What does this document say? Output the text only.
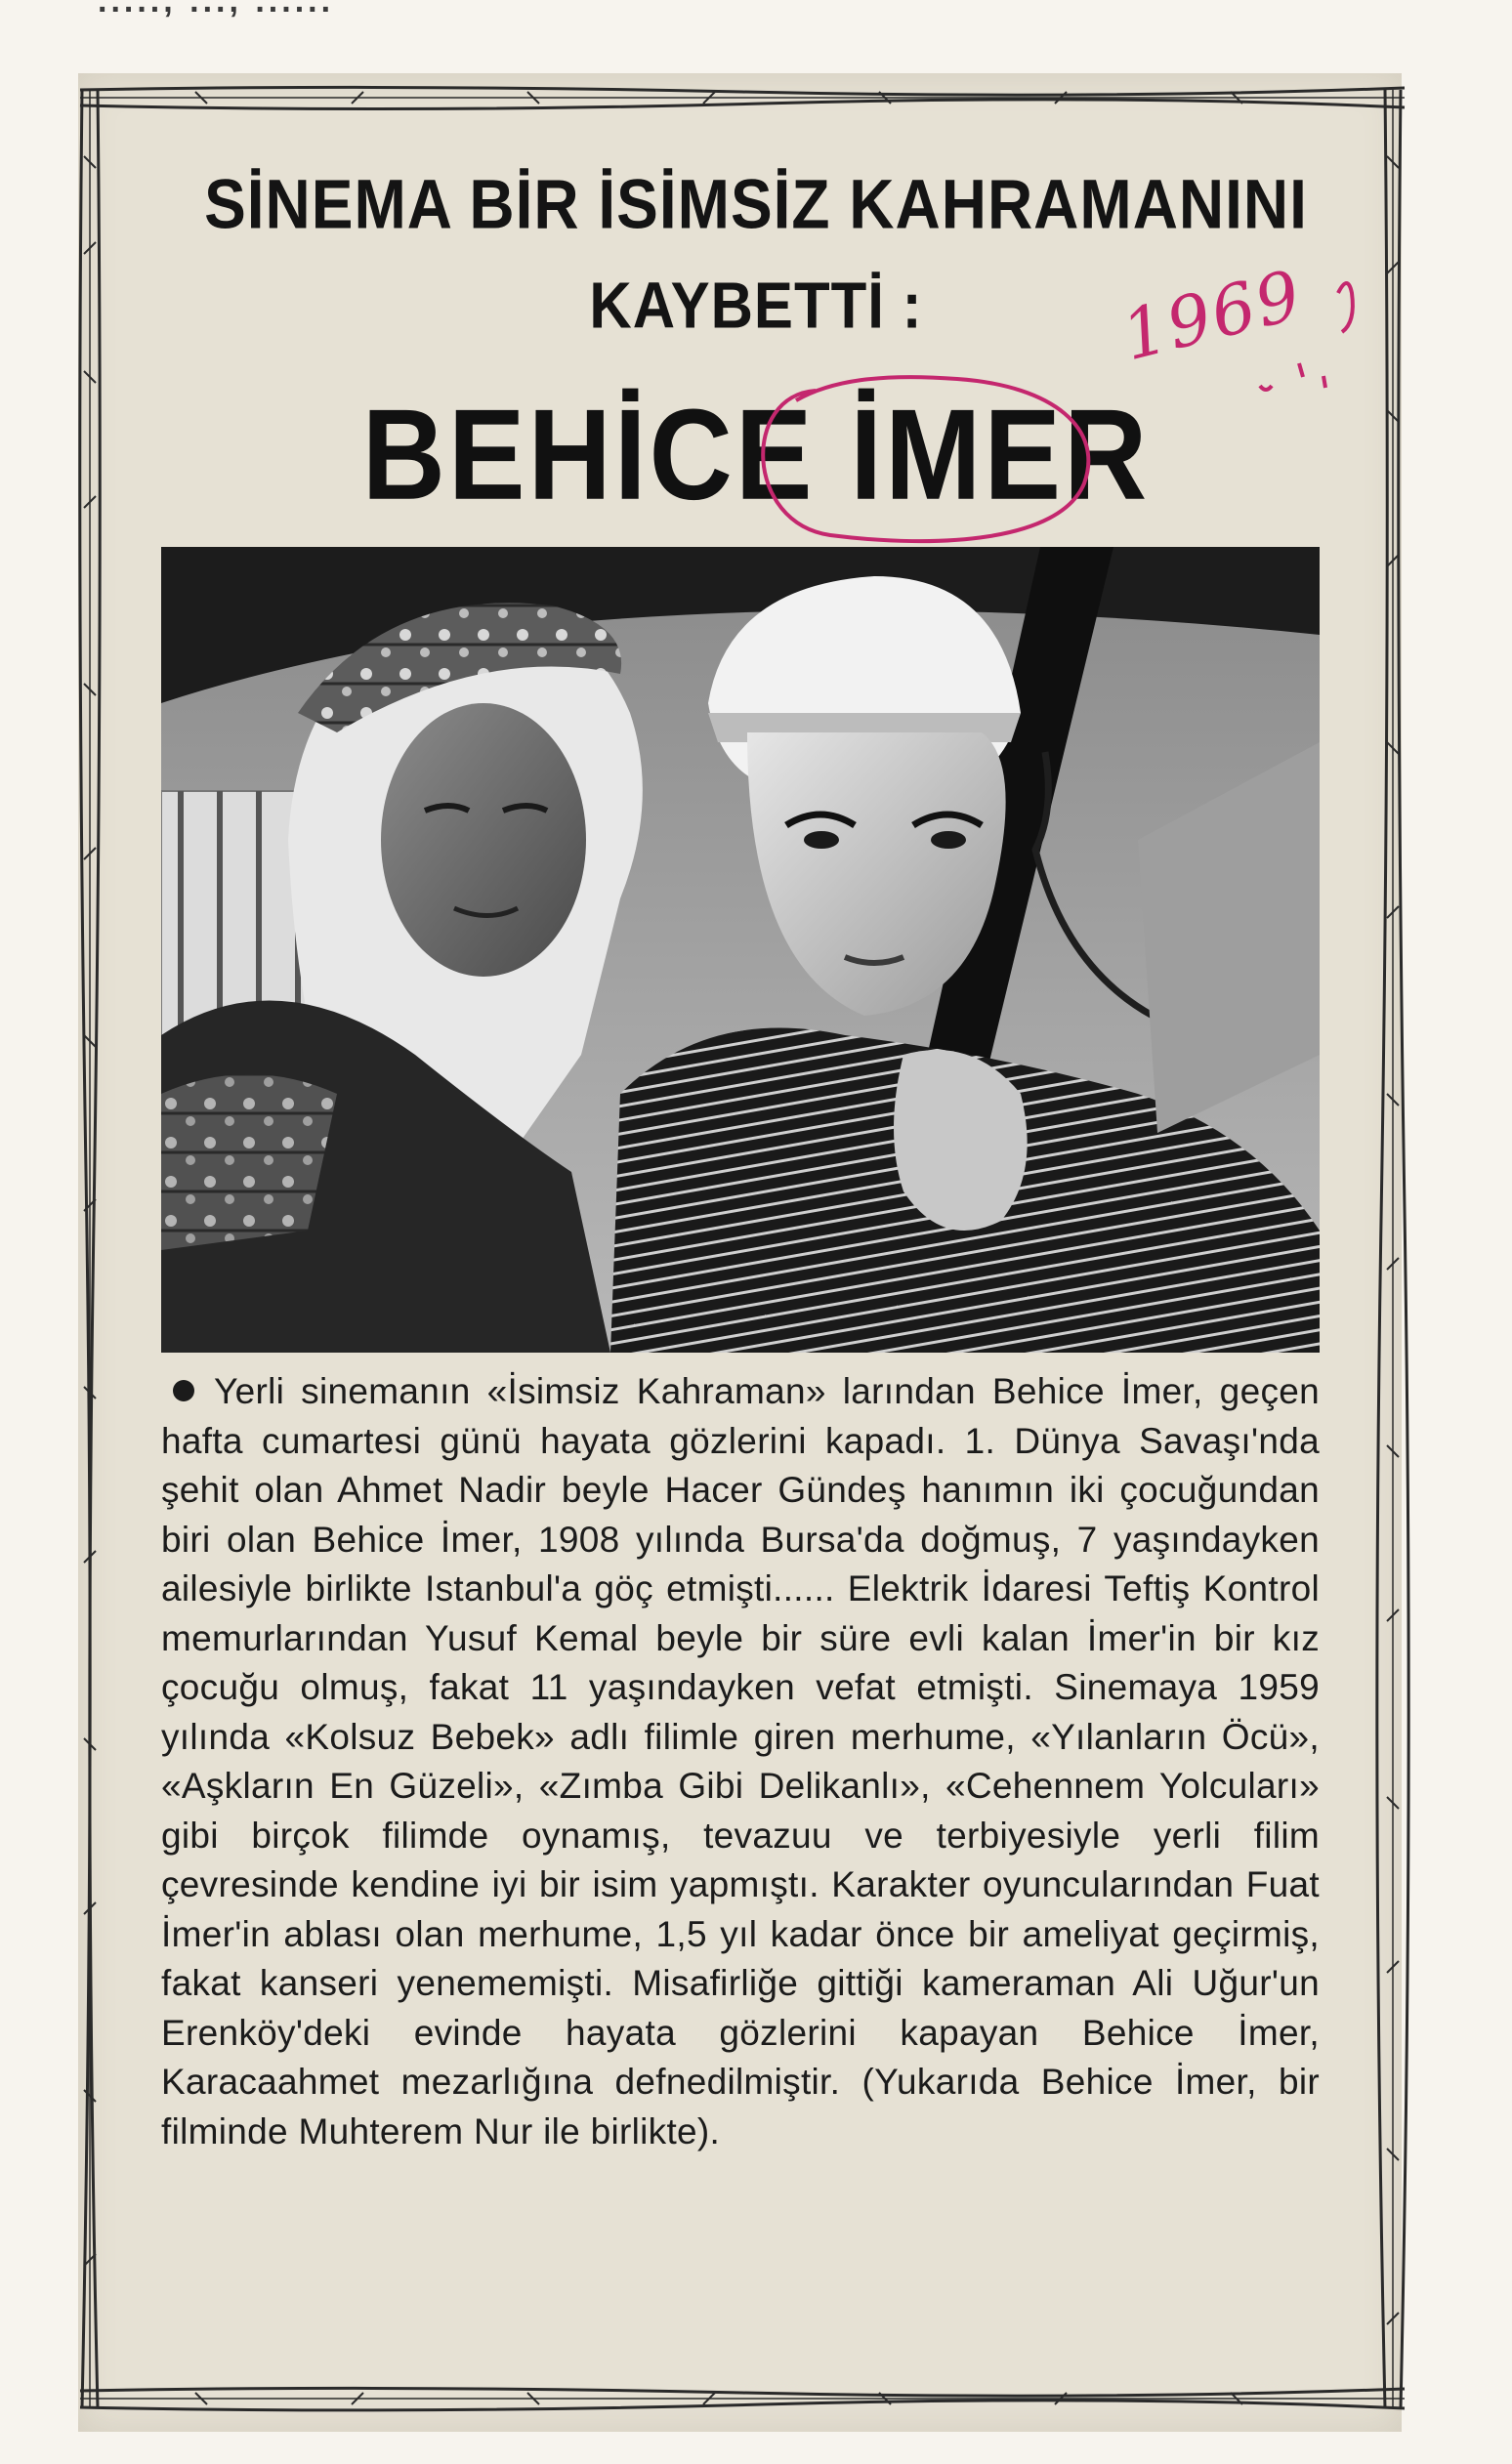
....., ..., ......
SİNEMA BİR İSİMSİZ KAHRAMANINI
KAYBETTİ :
BEHİCE İMER
1969

Yerli sinemanın «İsimsiz Kahraman» larından Behice İmer, geçen hafta cumartesi günü hayata gözlerini kapadı. 1. Dünya Savaşı'nda şehit olan Ahmet Nadir beyle Hacer Gündeş hanımın iki çocuğundan biri olan Behice İmer, 1908 yılında Bursa'da doğmuş, 7 yaşındayken ailesiyle birlikte Istanbul'a göç etmişti...... Elektrik İdaresi Teftiş Kontrol memurlarından Yusuf Kemal beyle bir süre evli kalan İmer'in bir kız çocuğu olmuş, fakat 11 yaşındayken vefat etmişti. Sinemaya 1959 yılında «Kolsuz Bebek» adlı filimle giren merhume, «Yılanların Öcü», «Aşkların En Güzeli», «Zımba Gibi Delikanlı», «Cehennem Yolcuları» gibi birçok filimde oynamış, tevazuu ve terbiyesiyle yerli filim çevresinde kendine iyi bir isim yapmıştı. Karakter oyuncularından Fuat İmer'in ablası olan merhume, 1,5 yıl kadar önce bir ameliyat geçirmiş, fakat kanseri yenememişti. Misafirliğe gittiği kameraman Ali Uğur'un Erenköy'deki evinde hayata gözlerini kapayan Behice İmer, Karacaahmet mezarlığına defnedilmiştir. (Yukarıda Behice İmer, bir filminde Muhterem Nur ile birlikte).
